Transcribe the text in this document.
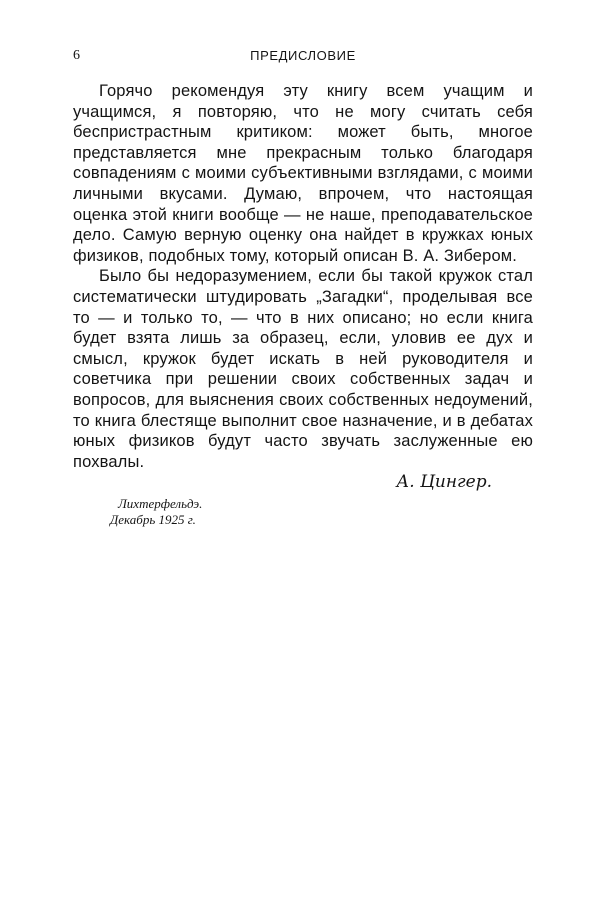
6	ПРЕДИСЛОВИЕ

Горячо рекомендуя эту книгу всем учащим и учащимся, я повторяю, что не могу считать себя беспристрастным критиком: может быть, многое представляется мне прекрасным только благодаря совпадениям с моими субъективными взглядами, с моими личными вкусами. Думаю, впрочем, что настоящая оценка этой книги вообще — не наше, преподавательское дело. Самую верную оценку она найдет в кружках юных физиков, подобных тому, который описан В. А. Зибером.

Было бы недоразумением, если бы такой кружок стал систематически штудировать „Загадки“, проделывая все то — и только то, — что в них описано; но если книга будет взята лишь за образец, если, уловив ее дух и смысл, кружок будет искать в ней руководителя и советчика при решении своих собственных задач и вопросов, для выяснения своих собственных недоумений, то книга блестяще выполнит свое назначение, и в дебатах юных физиков будут часто звучать заслуженные ею похвалы.

А. Цингер.
Лихтерфельдэ.
Декабрь 1925 г.
